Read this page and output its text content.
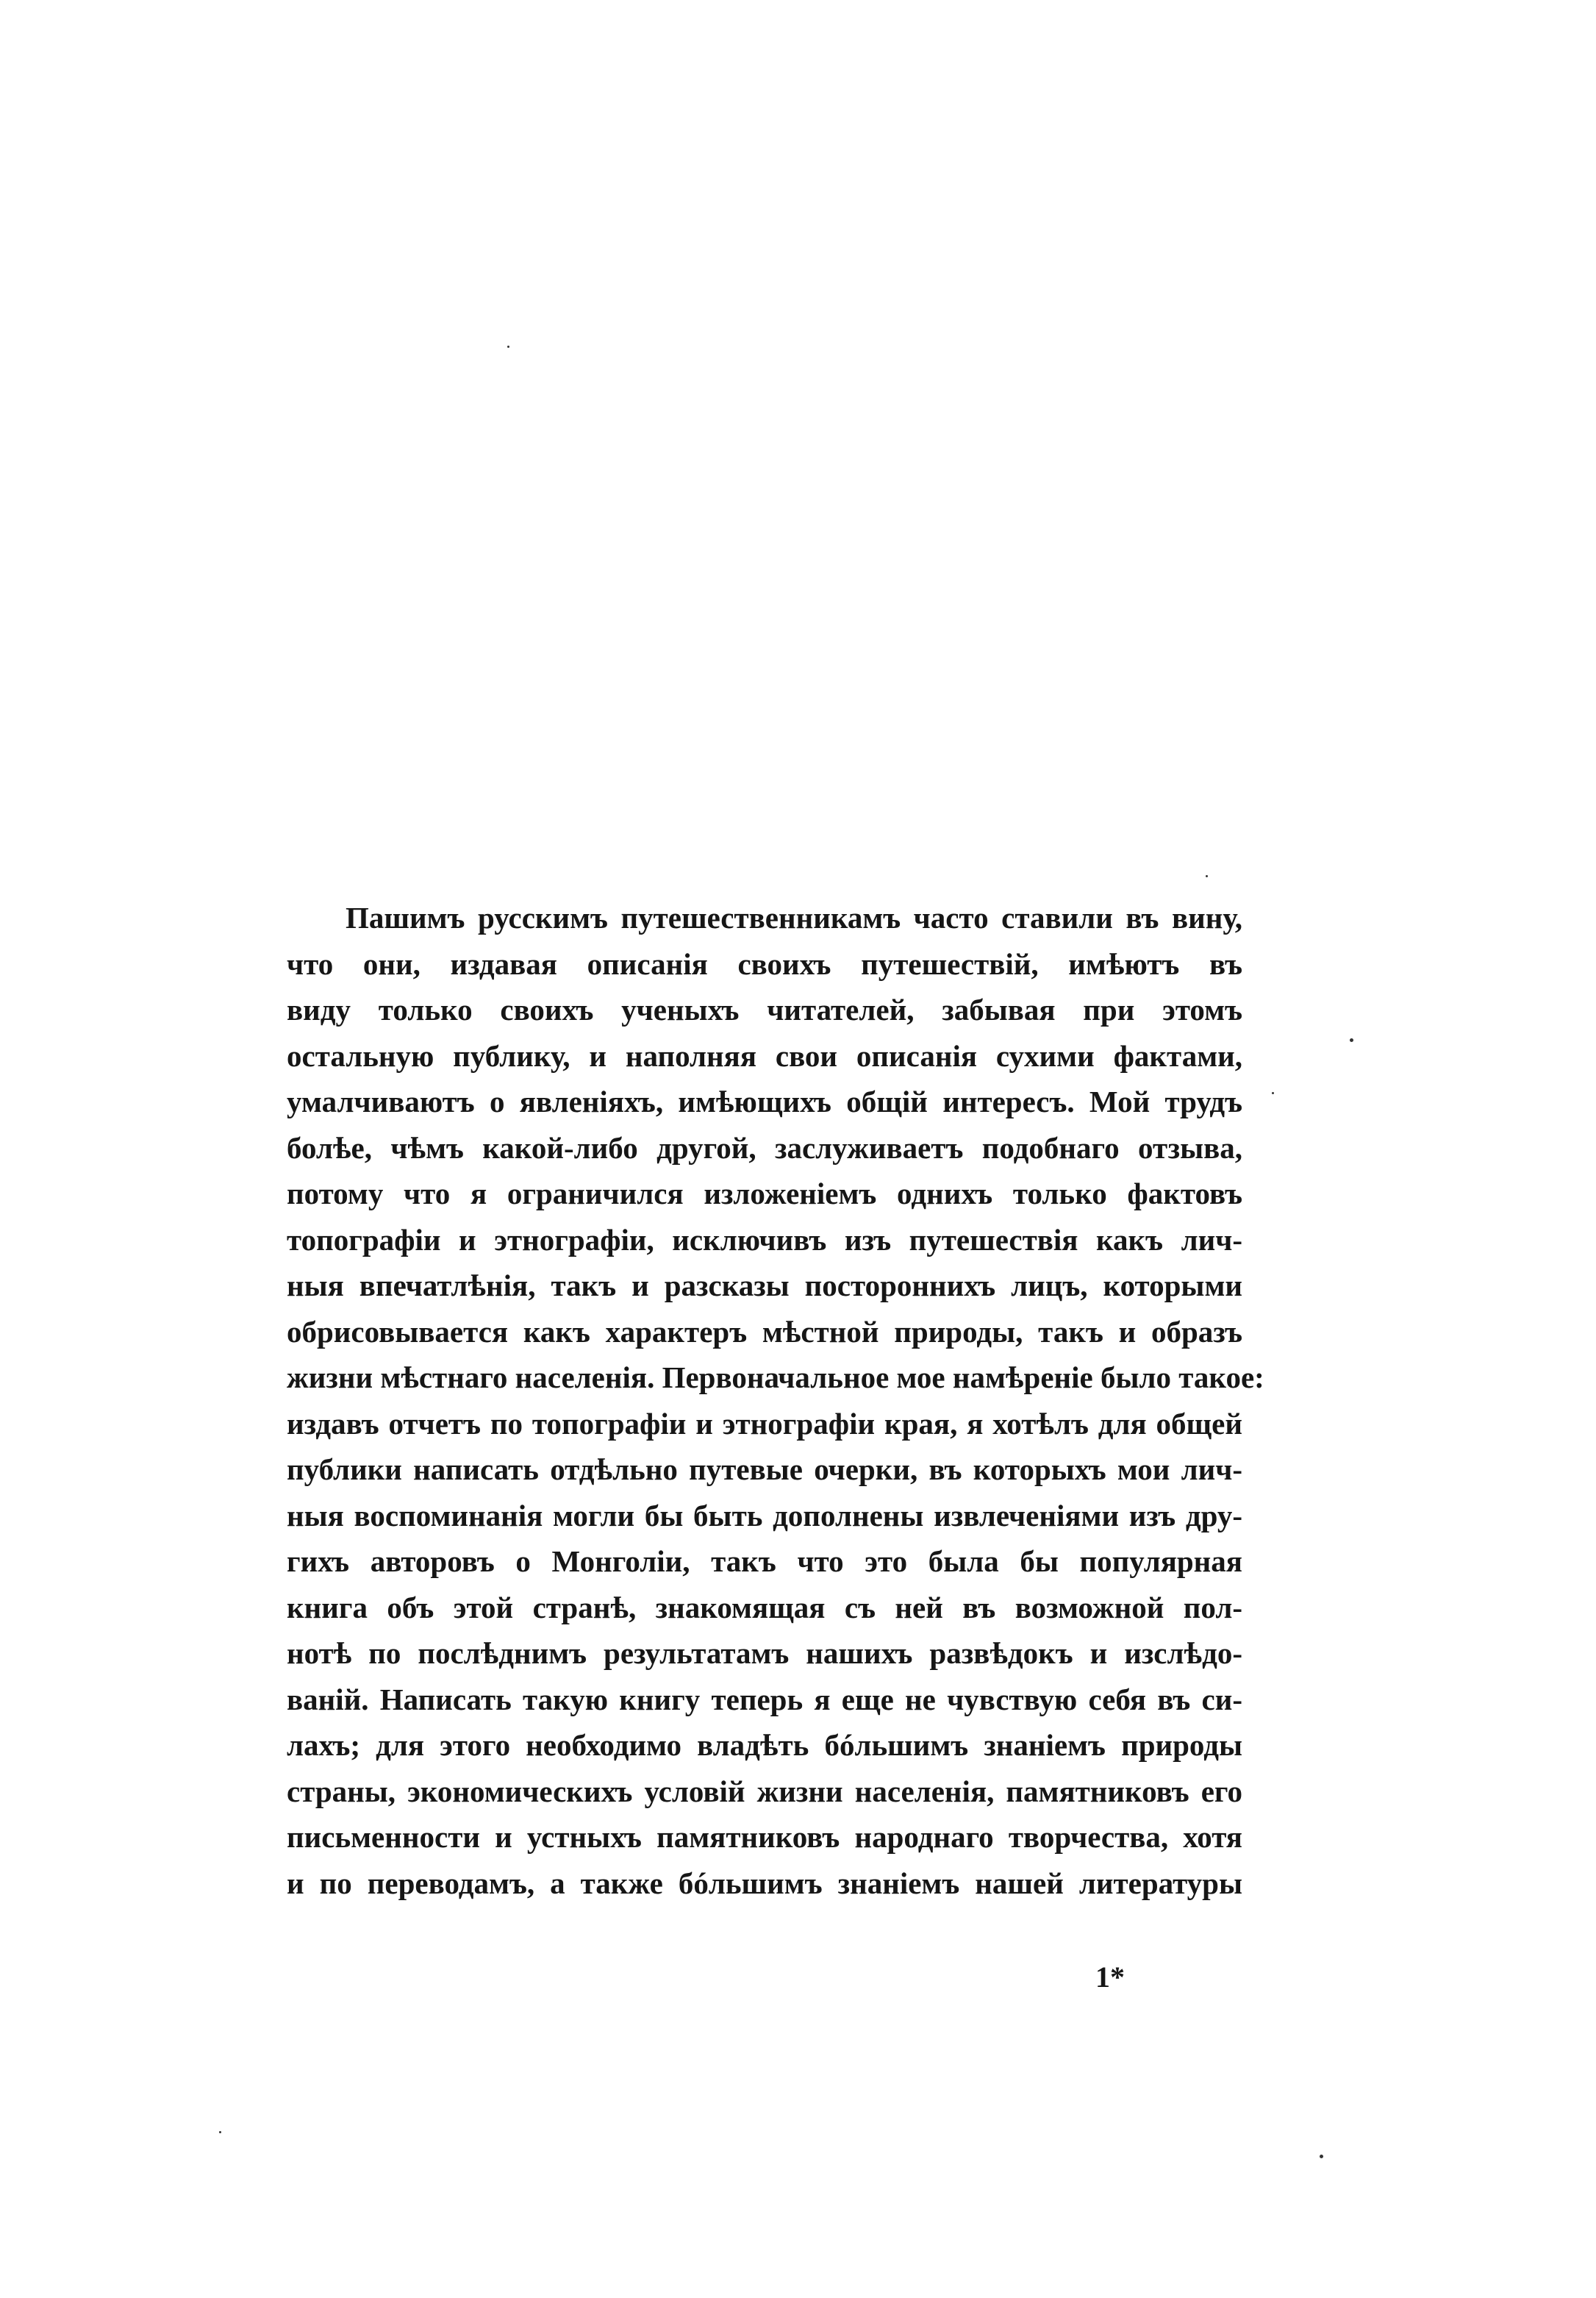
Пашимъ русскимъ путешественникамъ часто ставили въ вину,
что они, издавая описанія своихъ путешествій, имѣютъ въ
виду только своихъ ученыхъ читателей, забывая при этомъ
остальную публику, и наполняя свои описанія сухими фактами,
умалчиваютъ о явленіяхъ, имѣющихъ общій интересъ. Мой трудъ
болѣе, чѣмъ какой-либо другой, заслуживаетъ подобнаго отзыва,
потому что я ограничился изложеніемъ однихъ только фактовъ
топографіи и этнографіи, исключивъ изъ путешествія какъ лич-
ныя впечатлѣнія, такъ и разсказы постороннихъ лицъ, которыми
обрисовывается какъ характеръ мѣстной природы, такъ и образъ
жизни мѣстнаго населенія. Первоначальное мое намѣреніе было такое:
издавъ отчетъ по топографіи и этнографіи края, я хотѣлъ для общей
публики написать отдѣльно путевые очерки, въ которыхъ мои лич-
ныя воспоминанія могли бы быть дополнены извлеченіями изъ дру-
гихъ авторовъ о Монголіи, такъ что это была бы популярная
книга объ этой странѣ, знакомящая съ ней въ возможной пол-
нотѣ по послѣднимъ результатамъ нашихъ развѣдокъ и изслѣдо-
ваній. Написать такую книгу теперь я еще не чувствую себя въ си-
лахъ; для этого необходимо владѣть бóльшимъ знаніемъ природы
страны, экономическихъ условій жизни населенія, памятниковъ его
письменности и устныхъ памятниковъ народнаго творчества, хотя
и по переводамъ, а также бóльшимъ знаніемъ нашей литературы
1*
